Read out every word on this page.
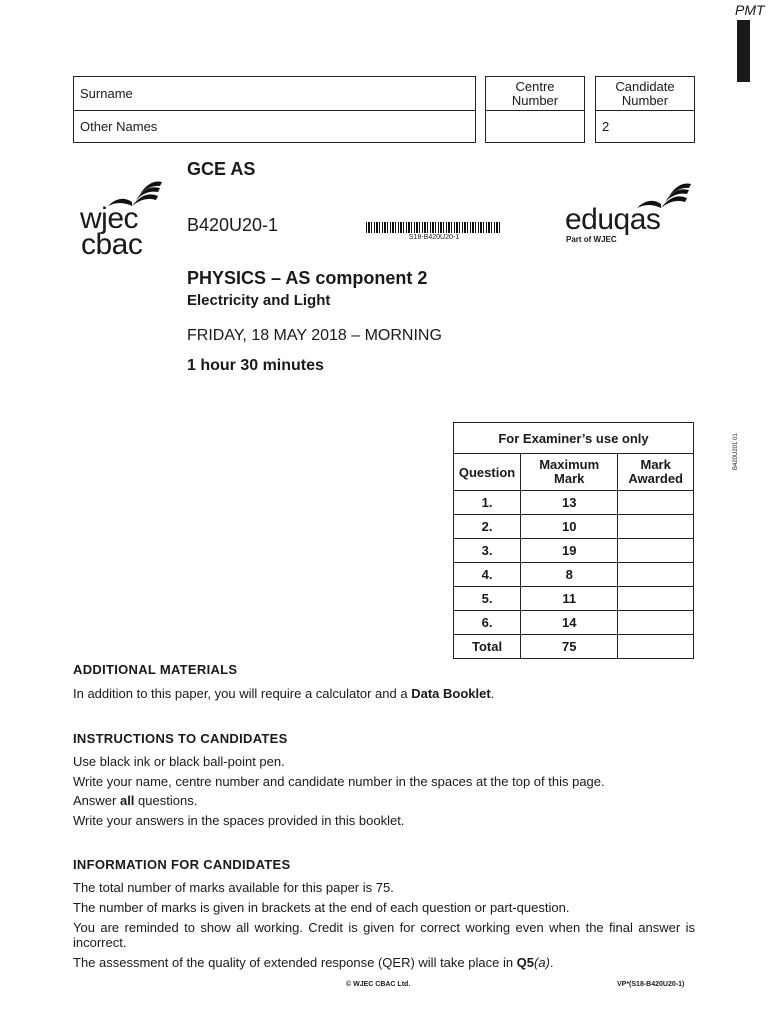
PMT
Surname
Other Names
Centre Number
Candidate Number
2
wjec
cbac
GCE AS
B420U20-1
S18-B420U20-1
PHYSICS – AS component 2
Electricity and Light
FRIDAY, 18 MAY 2018 – MORNING
1 hour 30 minutes
eduqas
Part of WJEC
For Examiner’s use only		
Question	Maximum Mark	Mark Awarded
1.	13	
2.	10	
3.	19	
4.	8	
5.	11	
6.	14	
Total	75	
B420U201 01
ADDITIONAL MATERIALS
In addition to this paper, you will require a calculator and a Data Booklet.
INSTRUCTIONS TO CANDIDATES
Use black ink or black ball-point pen.
Write your name, centre number and candidate number in the spaces at the top of this page.
Answer all questions.
Write your answers in the spaces provided in this booklet.
INFORMATION FOR CANDIDATES
The total number of marks available for this paper is 75.
The number of marks is given in brackets at the end of each question or part-question.
You are reminded to show all working. Credit is given for correct working even when the final answer is incorrect.
The assessment of the quality of extended response (QER) will take place in Q5(a).
© WJEC CBAC Ltd.	VP*(S18-B420U20-1)
